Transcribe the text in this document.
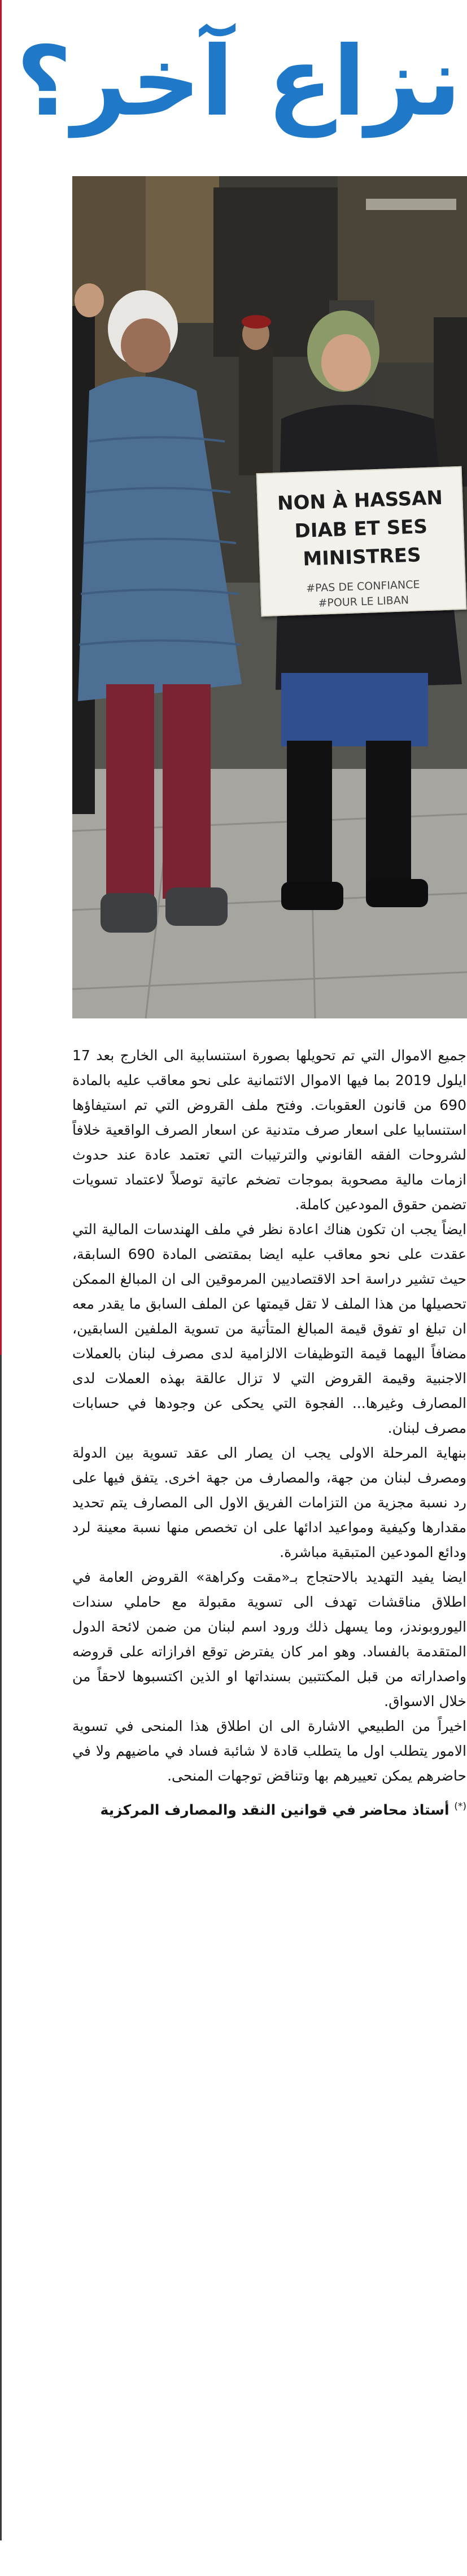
نزاع آخر؟
NON À HASSAN
DIAB ET SES
MINISTRES
#PAS DE CONFIANCE
#POUR LE LIBAN

جميع الاموال التي تم تحويلها بصورة استنسابية الى الخارج بعد 17 ايلول 2019 بما فيها الاموال الائتمانية على نحو معاقب عليه بالمادة 690 من قانون العقوبات. وفتح ملف القروض التي تم استيفاؤها استنسابيا على اسعار صرف متدنية عن اسعار الصرف الواقعية خلافاً لشروحات الفقه القانوني والترتيبات التي تعتمد عادة عند حدوث ازمات مالية مصحوبة بموجات تضخم عاتية توصلاً لاعتماد تسويات تضمن حقوق المودعين كاملة.

ايضاً يجب ان تكون هناك اعادة نظر في ملف الهندسات المالية التي عقدت على نحو معاقب عليه ايضا بمقتضى المادة 690 السابقة، حيث تشير دراسة احد الاقتصاديين المرموقين الى ان المبالغ الممكن تحصيلها من هذا الملف لا تقل قيمتها عن الملف السابق ما يقدر معه ان تبلغ او تفوق قيمة المبالغ المتأتية من تسوية الملفين السابقين، مضافاً اليهما قيمة التوظيفات الالزامية لدى مصرف لبنان بالعملات الاجنبية وقيمة القروض التي لا تزال عالقة بهذه العملات لدى المصارف وغيرها... الفجوة التي يحكى عن وجودها في حسابات مصرف لبنان.

بنهاية المرحلة الاولى يجب ان يصار الى عقد تسوية بين الدولة ومصرف لبنان من جهة، والمصارف من جهة اخرى. يتفق فيها على رد نسبة مجزية من التزامات الفريق الاول الى المصارف يتم تحديد مقدارها وكيفية ومواعيد ادائها على ان تخصص منها نسبة معينة لرد ودائع المودعين المتبقية مباشرة.

ايضا يفيد التهديد بالاحتجاج بـ«مقت وكراهة» القروض العامة في اطلاق مناقشات تهدف الى تسوية مقبولة مع حاملي سندات اليوروبوندز، وما يسهل ذلك ورود اسم لبنان من ضمن لائحة الدول المتقدمة بالفساد. وهو امر كان يفترض توقع افرازاته على قروضه واصداراته من قبل المكتتبين بسنداتها او الذين اكتسبوها لاحقاً من خلال الاسواق.

اخيراً من الطبيعي الاشارة الى ان اطلاق هذا المنحى في تسوية الامور يتطلب اول ما يتطلب قادة لا شائبة فساد في ماضيهم ولا في حاضرهم يمكن تعييرهم بها وتناقض توجهات المنحى.

(*) أستاذ محاضر في قوانين النقد والمصارف المركزية
